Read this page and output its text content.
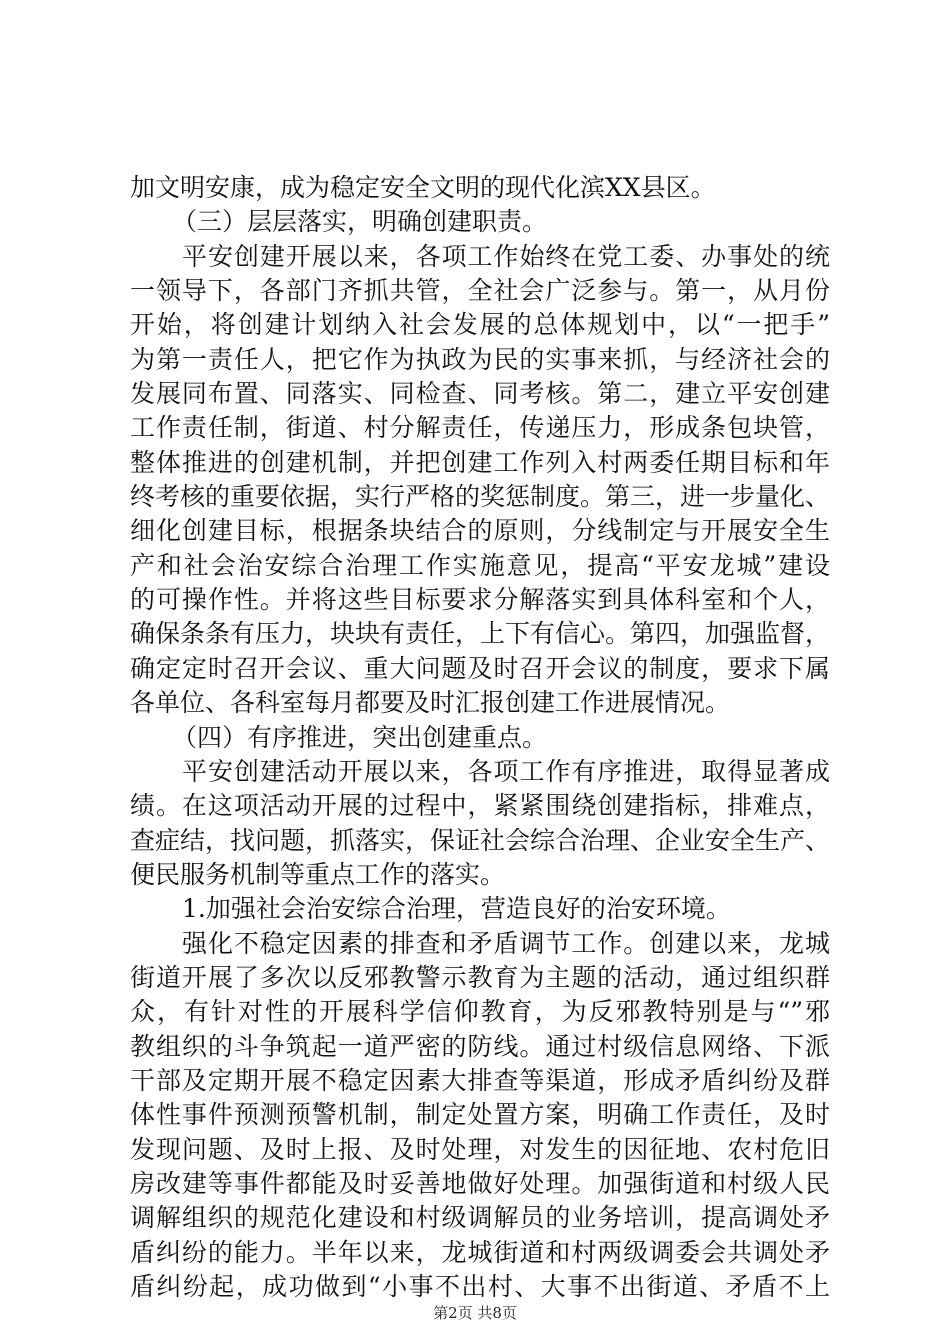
加文明安康，成为稳定安全文明的现代化滨XX县区。
（三）层层落实，明确创建职责。
平安创建开展以来，各项工作始终在党工委、办事处的统
一领导下，各部门齐抓共管，全社会广泛参与。第一，从月份
开始，将创建计划纳入社会发展的总体规划中，以“一把手”
为第一责任人，把它作为执政为民的实事来抓，与经济社会的
发展同布置、同落实、同检查、同考核。第二，建立平安创建
工作责任制，街道、村分解责任，传递压力，形成条包块管，
整体推进的创建机制，并把创建工作列入村两委任期目标和年
终考核的重要依据，实行严格的奖惩制度。第三，进一步量化、
细化创建目标，根据条块结合的原则，分线制定与开展安全生
产和社会治安综合治理工作实施意见，提高“平安龙城”建设
的可操作性。并将这些目标要求分解落实到具体科室和个人，
确保条条有压力，块块有责任，上下有信心。第四，加强监督，
确定定时召开会议、重大问题及时召开会议的制度，要求下属
各单位、各科室每月都要及时汇报创建工作进展情况。
（四）有序推进，突出创建重点。
平安创建活动开展以来，各项工作有序推进，取得显著成
绩。在这项活动开展的过程中，紧紧围绕创建指标，排难点，
查症结，找问题，抓落实，保证社会综合治理、企业安全生产、
便民服务机制等重点工作的落实。
1.加强社会治安综合治理，营造良好的治安环境。
强化不稳定因素的排查和矛盾调节工作。创建以来，龙城
街道开展了多次以反邪教警示教育为主题的活动，通过组织群
众，有针对性的开展科学信仰教育，为反邪教特别是与“”邪
教组织的斗争筑起一道严密的防线。通过村级信息网络、下派
干部及定期开展不稳定因素大排查等渠道，形成矛盾纠纷及群
体性事件预测预警机制，制定处置方案，明确工作责任，及时
发现问题、及时上报、及时处理，对发生的因征地、农村危旧
房改建等事件都能及时妥善地做好处理。加强街道和村级人民
调解组织的规范化建设和村级调解员的业务培训，提高调处矛
盾纠纷的能力。半年以来，龙城街道和村两级调委会共调处矛
盾纠纷起，成功做到“小事不出村、大事不出街道、矛盾不上
第2页 共8页
